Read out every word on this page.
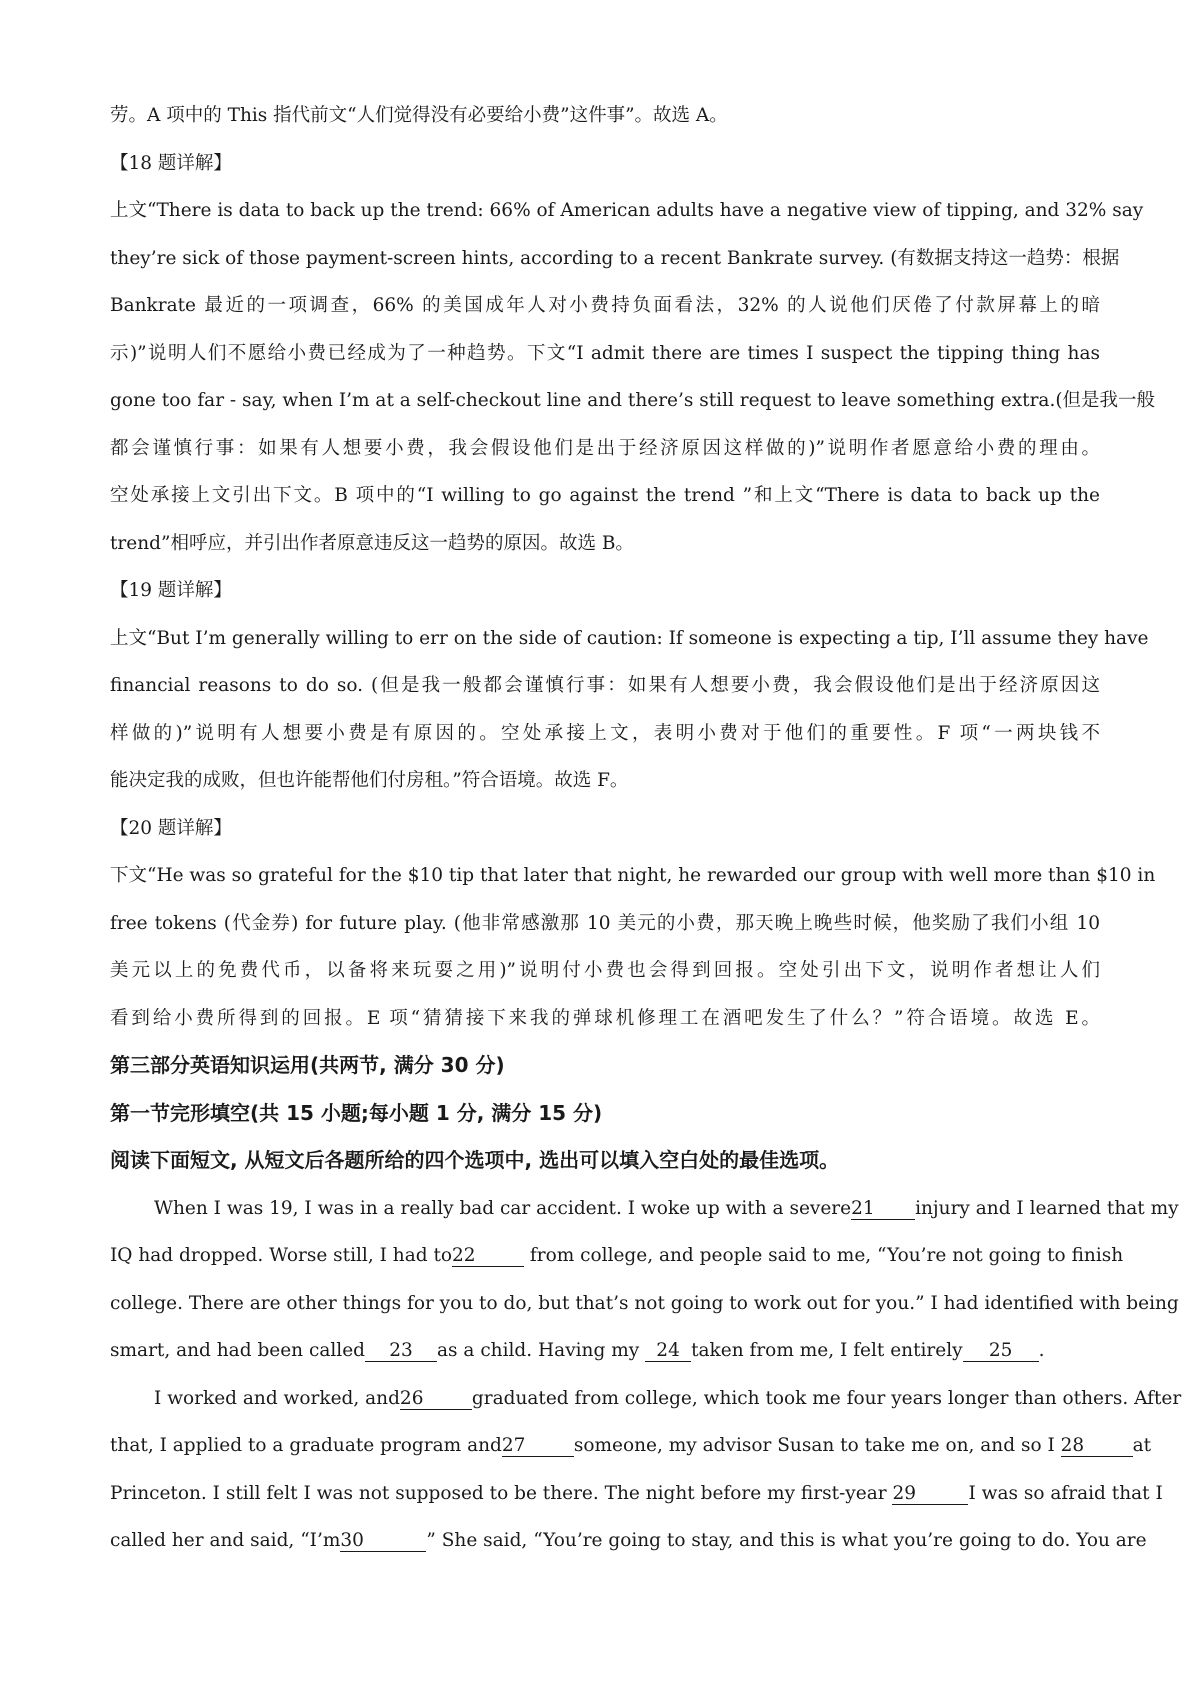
劳。A 项中的 This 指代前文“人们觉得没有必要给小费”这件事”。故选 A。
【18 题详解】
上文“There is data to back up the trend: 66% of American adults have a negative view of tipping, and 32% say
they’re sick of those payment-screen hints, according to a recent Bankrate survey. (有数据支持这一趋势：根据
Bankrate 最近的一项调查，66% 的美国成年人对小费持负面看法，32% 的人说他们厌倦了付款屏幕上的暗
示)”说明人们不愿给小费已经成为了一种趋势。下文“I admit there are times I suspect the tipping thing has
gone too far - say, when I’m at a self-checkout line and there’s still request to leave something extra.(但是我一般
都会谨慎行事：如果有人想要小费，我会假设他们是出于经济原因这样做的)”说明作者愿意给小费的理由。
空处承接上文引出下文。B 项中的“I willing to go against the trend ”和上文“There is data to back up the
trend”相呼应，并引出作者原意违反这一趋势的原因。故选 B。
【19 题详解】
上文“But I’m generally willing to err on the side of caution: If someone is expecting a tip, I’ll assume they have
financial reasons to do so. (但是我一般都会谨慎行事：如果有人想要小费，我会假设他们是出于经济原因这
样做的)”说明有人想要小费是有原因的。空处承接上文，表明小费对于他们的重要性。F 项“一两块钱不
能决定我的成败，但也许能帮他们付房租。”符合语境。故选 F。
【20 题详解】
下文“He was so grateful for the $10 tip that later that night, he rewarded our group with well more than $10 in
free tokens (代金券) for future play. (他非常感激那 10 美元的小费，那天晚上晚些时候，他奖励了我们小组 10
美元以上的免费代币，以备将来玩耍之用)”说明付小费也会得到回报。空处引出下文，说明作者想让人们
看到给小费所得到的回报。E 项“猜猜接下来我的弹球机修理工在酒吧发生了什么？”符合语境。故选 E。
第三部分英语知识运用(共两节, 满分 30 分)
第一节完形填空(共 15 小题;每小题 1 分, 满分 15 分)
阅读下面短文, 从短文后各题所给的四个选项中, 选出可以填入空白处的最佳选项。
When I was 19, I was in a really bad car accident. I woke up with a severe21 injury and I learned that my
IQ had dropped. Worse still, I had to22	from college, and people said to me, “You’re not going to finish
college. There are other things for you to do, but that’s not going to work out for you.” I had identified with being
smart, and had been called 23 as a child. Having my 24 taken from me, I felt entirely 25 .
I worked and worked, and26	graduated from college, which took me four years longer than others. After
that, I applied to a graduate program and27	someone, my advisor Susan to take me on, and so I 28	at
Princeton. I still felt I was not supposed to be there. The night before my first-year 29	I was so afraid that I
called her and said, “I’m30	” She said, “You’re going to stay, and this is what you’re going to do. You are
